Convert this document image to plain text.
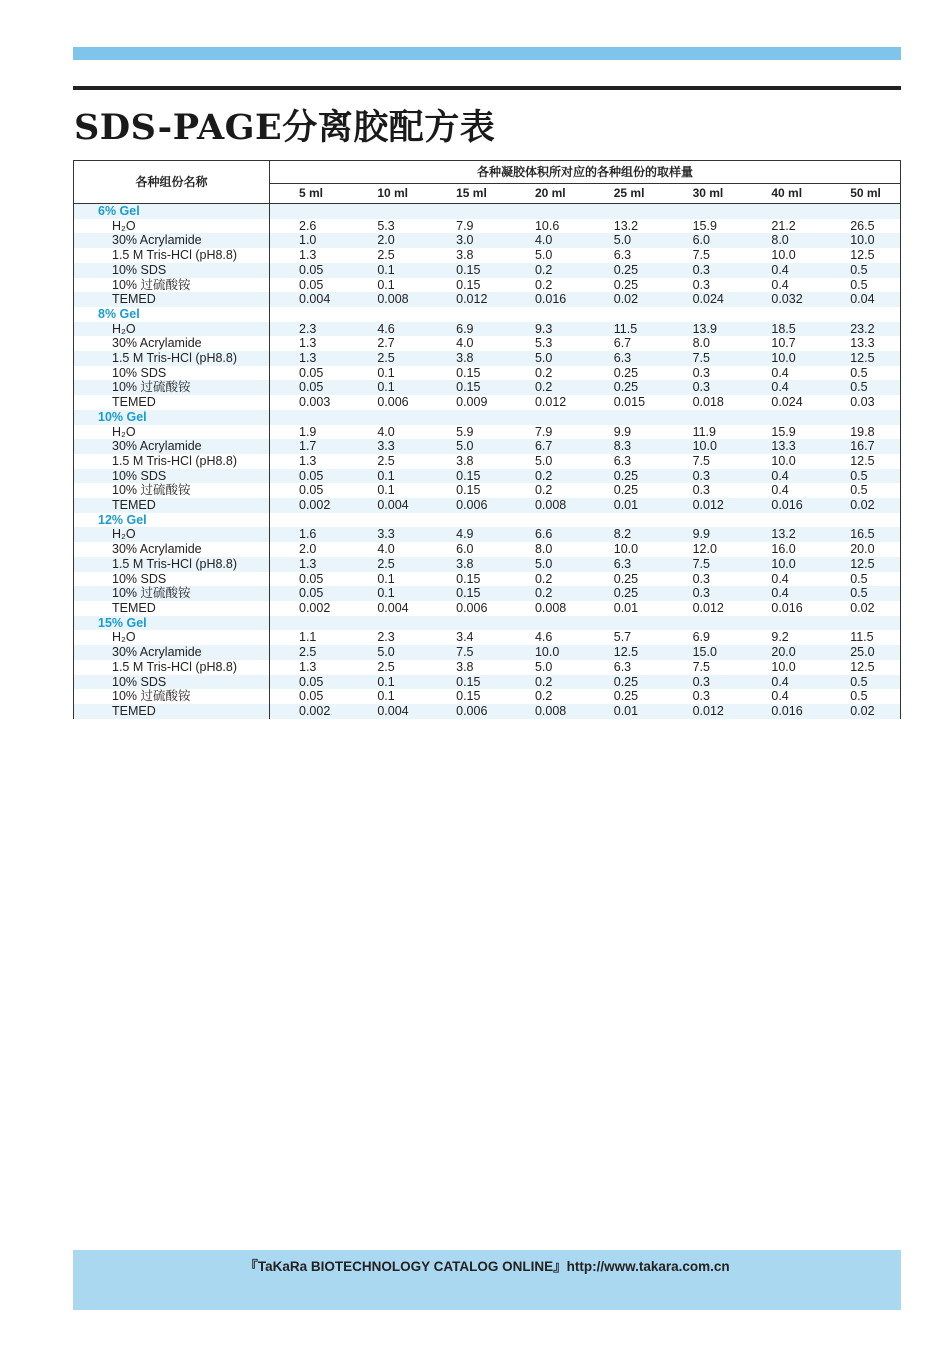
SDS-PAGE分离胶配方表
各种组份名称	各种凝胶体积所对应的各种组份的取样量							
	5 ml	10 ml	15 ml	20 ml	25 ml	30 ml	40 ml	50 ml
6% Gel								
H₂O	2.6	5.3	7.9	10.6	13.2	15.9	21.2	26.5
30% Acrylamide	1.0	2.0	3.0	4.0	5.0	6.0	8.0	10.0
1.5 M Tris-HCl (pH8.8)	1.3	2.5	3.8	5.0	6.3	7.5	10.0	12.5
10% SDS	0.05	0.1	0.15	0.2	0.25	0.3	0.4	0.5
10% 过硫酸铵	0.05	0.1	0.15	0.2	0.25	0.3	0.4	0.5
TEMED	0.004	0.008	0.012	0.016	0.02	0.024	0.032	0.04
8% Gel								
H₂O	2.3	4.6	6.9	9.3	11.5	13.9	18.5	23.2
30% Acrylamide	1.3	2.7	4.0	5.3	6.7	8.0	10.7	13.3
1.5 M Tris-HCl (pH8.8)	1.3	2.5	3.8	5.0	6.3	7.5	10.0	12.5
10% SDS	0.05	0.1	0.15	0.2	0.25	0.3	0.4	0.5
10% 过硫酸铵	0.05	0.1	0.15	0.2	0.25	0.3	0.4	0.5
TEMED	0.003	0.006	0.009	0.012	0.015	0.018	0.024	0.03
10% Gel								
H₂O	1.9	4.0	5.9	7.9	9.9	11.9	15.9	19.8
30% Acrylamide	1.7	3.3	5.0	6.7	8.3	10.0	13.3	16.7
1.5 M Tris-HCl (pH8.8)	1.3	2.5	3.8	5.0	6.3	7.5	10.0	12.5
10% SDS	0.05	0.1	0.15	0.2	0.25	0.3	0.4	0.5
10% 过硫酸铵	0.05	0.1	0.15	0.2	0.25	0.3	0.4	0.5
TEMED	0.002	0.004	0.006	0.008	0.01	0.012	0.016	0.02
12% Gel								
H₂O	1.6	3.3	4.9	6.6	8.2	9.9	13.2	16.5
30% Acrylamide	2.0	4.0	6.0	8.0	10.0	12.0	16.0	20.0
1.5 M Tris-HCl (pH8.8)	1.3	2.5	3.8	5.0	6.3	7.5	10.0	12.5
10% SDS	0.05	0.1	0.15	0.2	0.25	0.3	0.4	0.5
10% 过硫酸铵	0.05	0.1	0.15	0.2	0.25	0.3	0.4	0.5
TEMED	0.002	0.004	0.006	0.008	0.01	0.012	0.016	0.02
15% Gel								
H₂O	1.1	2.3	3.4	4.6	5.7	6.9	9.2	11.5
30% Acrylamide	2.5	5.0	7.5	10.0	12.5	15.0	20.0	25.0
1.5 M Tris-HCl (pH8.8)	1.3	2.5	3.8	5.0	6.3	7.5	10.0	12.5
10% SDS	0.05	0.1	0.15	0.2	0.25	0.3	0.4	0.5
10% 过硫酸铵	0.05	0.1	0.15	0.2	0.25	0.3	0.4	0.5
TEMED	0.002	0.004	0.006	0.008	0.01	0.012	0.016	0.02
『TaKaRa BIOTECHNOLOGY CATALOG ONLINE』http://www.takara.com.cn
